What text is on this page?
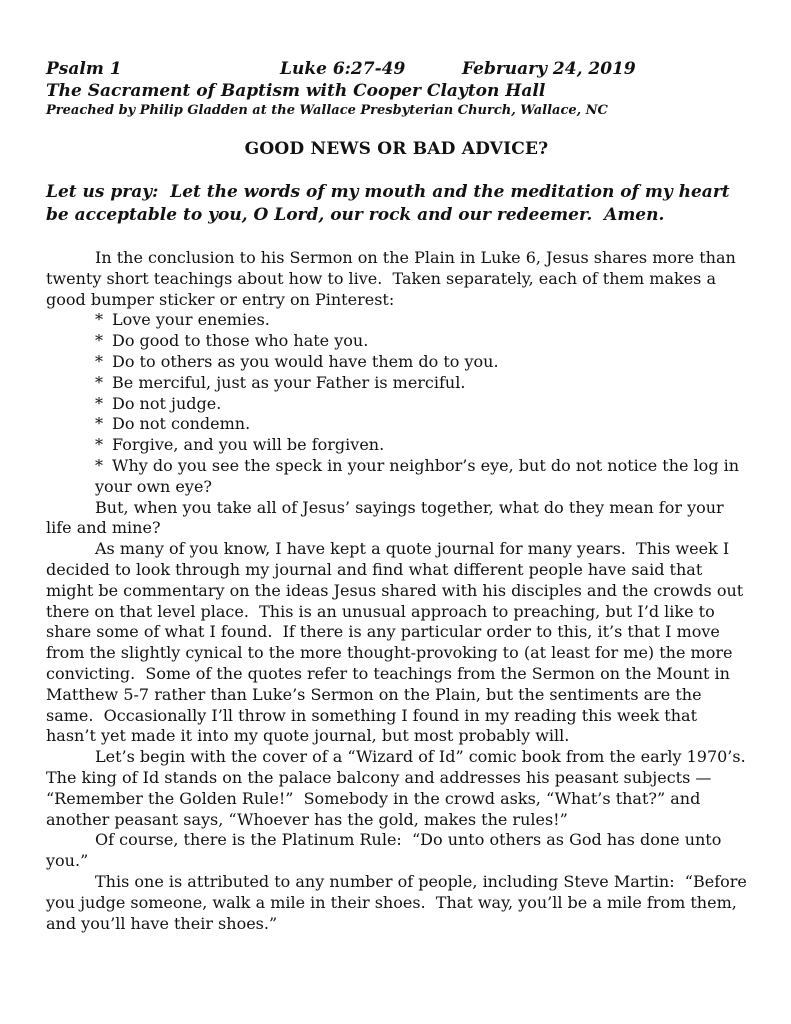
Psalm 1	Luke 6:27-49	February 24, 2019
The Sacrament of Baptism with Cooper Clayton Hall
Preached by Philip Gladden at the Wallace Presbyterian Church, Wallace, NC
GOOD NEWS OR BAD ADVICE?
Let us pray:  Let the words of my mouth and the meditation of my heart be acceptable to you, O Lord, our rock and our redeemer.  Amen.

In the conclusion to his Sermon on the Plain in Luke 6, Jesus shares more than twenty short teachings about how to live.  Taken separately, each of them makes a good bumper sticker or entry on Pinterest:

* Love your enemies.
* Do good to those who hate you.
* Do to others as you would have them do to you.
* Be merciful, just as your Father is merciful.
* Do not judge.
* Do not condemn.
* Forgive, and you will be forgiven.
* Why do you see the speck in your neighbor’s eye, but do not notice the log in your own eye?

But, when you take all of Jesus’ sayings together, what do they mean for your life and mine?

As many of you know, I have kept a quote journal for many years.  This week I decided to look through my journal and find what different people have said that might be commentary on the ideas Jesus shared with his disciples and the crowds out there on that level place.  This is an unusual approach to preaching, but I’d like to share some of what I found.  If there is any particular order to this, it’s that I move from the slightly cynical to the more thought-provoking to (at least for me) the more convicting.  Some of the quotes refer to teachings from the Sermon on the Mount in Matthew 5-7 rather than Luke’s Sermon on the Plain, but the sentiments are the same.  Occasionally I’ll throw in something I found in my reading this week that hasn’t yet made it into my quote journal, but most probably will.

Let’s begin with the cover of a “Wizard of Id” comic book from the early 1970’s.  The king of Id stands on the palace balcony and addresses his peasant subjects — “Remember the Golden Rule!”  Somebody in the crowd asks, “What’s that?” and another peasant says, “Whoever has the gold, makes the rules!”

Of course, there is the Platinum Rule:  “Do unto others as God has done unto you.”

This one is attributed to any number of people, including Steve Martin:  “Before you judge someone, walk a mile in their shoes.  That way, you’ll be a mile from them, and you’ll have their shoes.”
